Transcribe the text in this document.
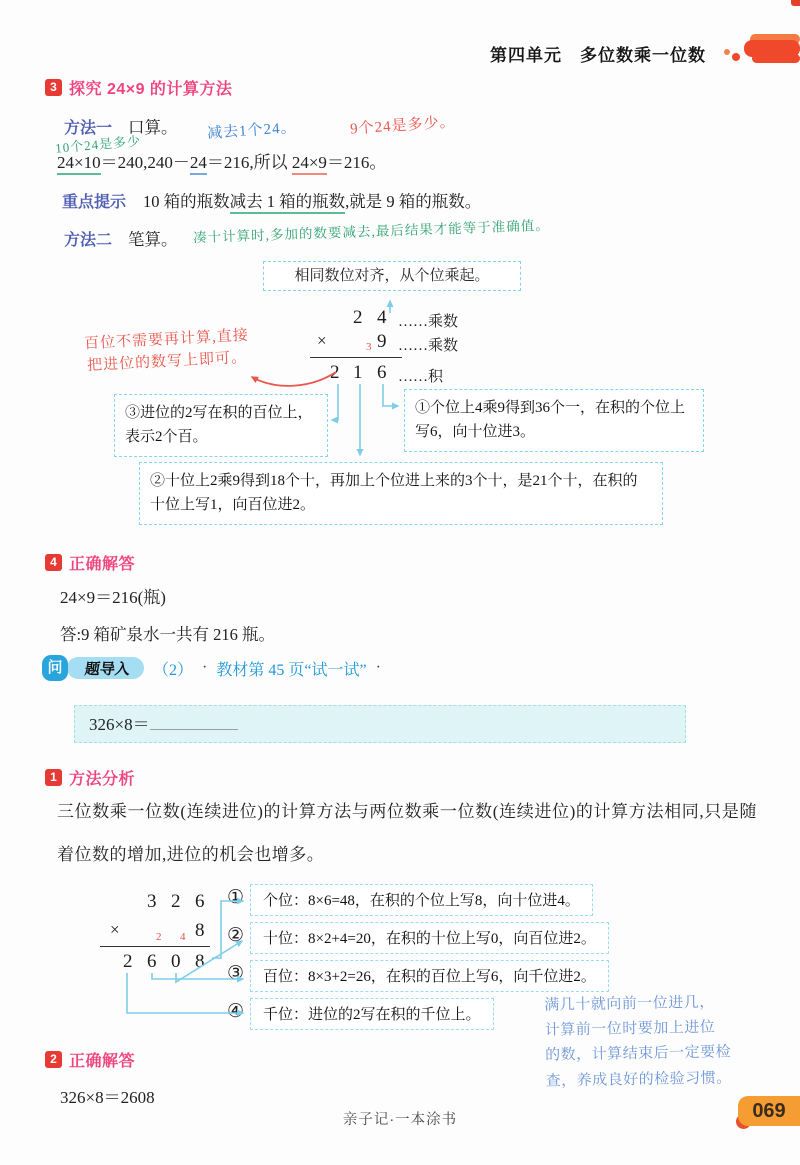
第四单元　多位数乘一位数
3 探究 24×9 的计算方法
方法一 口算。
10个24是多少
减去1个24。	9个24是多少。
24×10＝240,240－24＝216,所以 24×9＝216。
重点提示 10 箱的瓶数减去 1 箱的瓶数,就是 9 箱的瓶数。
方法二 笔算。 凑十计算时,多加的数要减去,最后结果才能等于准确值。
相同数位对齐，从个位乘起。
2 4 ……乘数
×	3 9 ……乘数
2 1 6 ……积
百位不需要再计算,直接
把进位的数写上即可。
③进位的2写在积的百位上，表示2个百。
①个位上4乘9得到36个一，在积的个位上写6，向十位进3。
②十位上2乘9得到18个十，再加上个位进上来的3个十，是21个十，在积的十位上写1，向百位进2。
4 正确解答
24×9＝216(瓶)
答:9 箱矿泉水一共有 216 瓶。
问	题导入 （2） · 教材第 45 页“试一试” ·
326×8＝
1 方法分析
三位数乘一位数(连续进位)的计算方法与两位数乘一位数(连续进位)的计算方法相同,只是随着位数的增加,进位的机会也增多。
3 2 6
×	2 4 8
2 6 0 8
①	个位：8×6=48，在积的个位上写8，向十位进4。
②	十位：8×2+4=20，在积的十位上写0，向百位进2。
③	百位：8×3+2=26，在积的百位上写6，向千位进2。
④	千位：进位的2写在积的千位上。
满几十就向前一位进几，
计算前一位时要加上进位
的数，计算结束后一定要检
查，养成良好的检验习惯。
2 正确解答
326×8＝2608
亲子记·一本涂书	069
